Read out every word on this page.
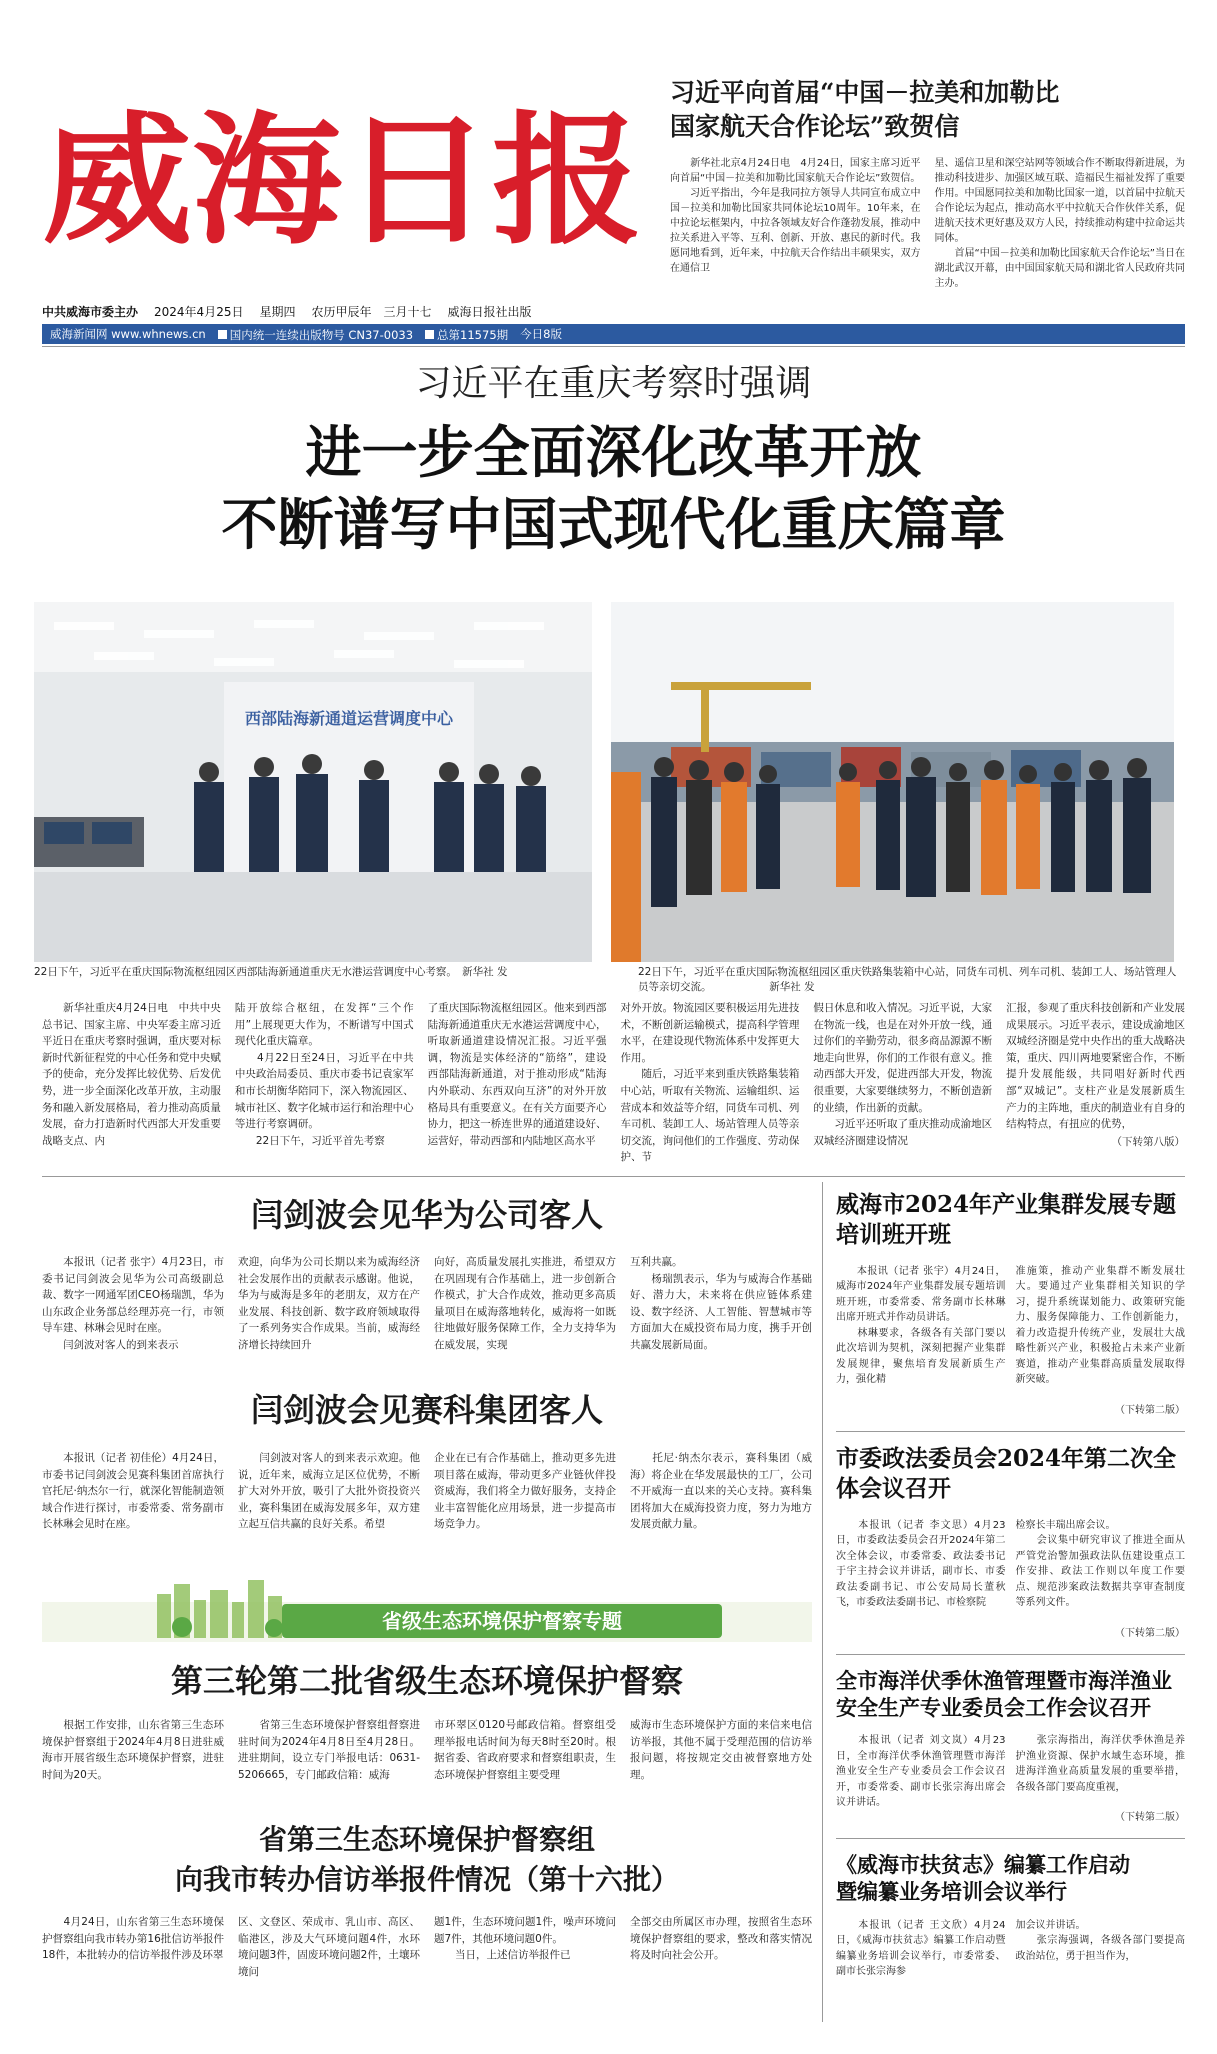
威海日报
中共威海市委主办 2024年4月25日 星期四 农历甲辰年　三月十七 威海日报社出版
威海新闻网 www.whnews.cn	国内统一连续出版物号 CN37-0033	总第11575期 今日8版
习近平向首届“中国－拉美和加勒比
国家航天合作论坛”致贺信
　　新华社北京4月24日电　4月24日，国家主席习近平向首届“中国－拉美和加勒比国家航天合作论坛”致贺信。
　　习近平指出，今年是我同拉方领导人共同宣布成立中国－拉美和加勒比国家共同体论坛10周年。10年来，在中拉论坛框架内，中拉各领域友好合作蓬勃发展，推动中拉关系进入平等、互利、创新、开放、惠民的新时代。我愿同地看到，近年来，中拉航天合作结出丰硕果实，双方在通信卫
星、遥信卫星和深空站网等领域合作不断取得新进展，为推动科技进步、加强区域互联、造福民生福祉发挥了重要作用。中国愿同拉美和加勒比国家一道，以首届中拉航天合作论坛为起点，推动高水平中拉航天合作伙伴关系，促进航天技术更好惠及双方人民，持续推动构建中拉命运共同体。
　　首届“中国－拉美和加勒比国家航天合作论坛”当日在湖北武汉开幕，由中国国家航天局和湖北省人民政府共同主办。
习近平在重庆考察时强调
进一步全面深化改革开放
不断谱写中国式现代化重庆篇章
西部陆海新通道运营调度中心
22日下午，习近平在重庆国际物流枢纽园区西部陆海新通道重庆无水港运营调度中心考察。　新华社 发	22日下午，习近平在重庆国际物流枢纽园区重庆铁路集装箱中心站，同货车司机、列车司机、装卸工人、场站管理人员等亲切交流。　　　　　　新华社 发
　　新华社重庆4月24日电　中共中央总书记、国家主席、中央军委主席习近平近日在重庆考察时强调，重庆要对标新时代新征程党的中心任务和党中央赋予的使命，充分发挥比较优势、后发优势，进一步全面深化改革开放，主动服务和融入新发展格局，着力推动高质量发展，奋力打造新时代西部大开发重要战略支点、内
陆开放综合枢纽，在发挥“三个作用”上展现更大作为，不断谱写中国式现代化重庆篇章。
　　4月22日至24日，习近平在中共中央政治局委员、重庆市委书记袁家军和市长胡衡华陪同下，深入物流园区、城市社区、数字化城市运行和治理中心等进行考察调研。
　　22日下午，习近平首先考察
了重庆国际物流枢纽园区。他来到西部陆海新通道重庆无水港运营调度中心，听取新通道建设情况汇报。习近平强调，物流是实体经济的“筋络”，建设西部陆海新通道，对于推动形成“陆海内外联动、东西双向互济”的对外开放格局具有重要意义。在有关方面要齐心协力，把这一桥连世界的通道建设好、运营好，带动西部和内陆地区高水平
对外开放。物流园区要积极运用先进技术，不断创新运输模式，提高科学管理水平，在建设现代物流体系中发挥更大作用。
　　随后，习近平来到重庆铁路集装箱中心站，听取有关物流、运输组织、运营成本和效益等介绍，同货车司机、列车司机、装卸工人、场站管理人员等亲切交流，询问他们的工作强度、劳动保护、节
假日休息和收入情况。习近平说，大家在物流一线，也是在对外开放一线，通过你们的辛勤劳动，很多商品源源不断地走向世界，你们的工作很有意义。推动西部大开发，促进西部大开发，物流很重要，大家要继续努力，不断创造新的业绩，作出新的贡献。
　　习近平还听取了重庆推动成渝地区双城经济圈建设情况
汇报，参观了重庆科技创新和产业发展成果展示。习近平表示，建设成渝地区双城经济圈是党中央作出的重大战略决策，重庆、四川两地要紧密合作，不断提升发展能级，共同唱好新时代西部“双城记”。支柱产业是发展新质生产力的主阵地，重庆的制造业有自身的结构特点，有扭应的优势，
（下转第八版）
闫剑波会见华为公司客人
　　本报讯（记者 张宇）4月23日，市委书记闫剑波会见华为公司高级副总裁、数字一网通军团CEO杨瑞凯，华为山东政企业务部总经理苏亮一行，市领导车建、林琳会见时在座。
　　闫剑波对客人的到来表示
欢迎，向华为公司长期以来为威海经济社会发展作出的贡献表示感谢。他说，华为与威海是多年的老朋友，双方在产业发展、科技创新、数字政府领域取得了一系列务实合作成果。当前，威海经济增长持续回升
向好，高质量发展扎实推进，希望双方在巩固现有合作基础上，进一步创新合作模式，扩大合作成效，推动更多高质量项目在威海落地转化，威海将一如既往地做好服务保障工作，全力支持华为在威发展，实现
互利共赢。
　　杨瑞凯表示，华为与威海合作基础好、潜力大，未来将在供应链体系建设、数字经济、人工智能、智慧城市等方面加大在威投资布局力度，携手开创共赢发展新局面。
闫剑波会见赛科集团客人
　　本报讯（记者 初佳伦）4月24日，市委书记闫剑波会见赛科集团首席执行官托尼·纳杰尔一行，就深化智能制造领域合作进行探讨，市委常委、常务副市长林琳会见时在座。
　　闫剑波对客人的到来表示欢迎。他说，近年来，威海立足区位优势，不断扩大对外开放，吸引了大批外资投资兴业，赛科集团在威海发展多年，双方建立起互信共赢的良好关系。希望
企业在已有合作基础上，推动更多先进项目落在威海，带动更多产业链伙伴投资威海，我们将全力做好服务，支持企业丰富智能化应用场景，进一步提高市场竞争力。
　　托尼·纳杰尔表示，赛科集团（威海）将企业在华发展最快的工厂，公司不开威海一直以来的关心支持。赛科集团将加大在威海投资力度，努力为地方发展贡献力量。
省级生态环境保护督察专题
第三轮第二批省级生态环境保护督察
　　根据工作安排，山东省第三生态环境保护督察组于2024年4月8日进驻威海市开展省级生态环境保护督察，进驻时间为20天。
　　省第三生态环境保护督察组督察进驻时间为2024年4月8日至4月28日。进驻期间，设立专门举报电话：0631-5206665，专门邮政信箱：威海
市环翠区0120号邮政信箱。督察组受理举报电话时间为每天8时至20时。根据省委、省政府要求和督察组职责，生态环境保护督察组主要受理
威海市生态环境保护方面的来信来电信访举报，其他不属于受理范围的信访举报问题，将按规定交由被督察地方处理。
省第三生态环境保护督察组
向我市转办信访举报件情况（第十六批）
　　4月24日，山东省第三生态环境保护督察组向我市转办第16批信访举报件18件，本批转办的信访举报件涉及环翠
区、文登区、荣成市、乳山市、高区、临港区，涉及大气环境问题4件，水环境问题3件，固废环境问题2件，土壤环境问
题1件，生态环境问题1件，噪声环境问题7件，其他环境问题0件。
　　当日，上述信访举报件已
全部交由所属区市办理，按照省生态环境保护督察组的要求，整改和落实情况将及时向社会公开。
威海市2024年产业集群发展专题培训班开班
　　本报讯（记者 张宇）4月24日，威海市2024年产业集群发展专题培训班开班，市委常委、常务副市长林琳出席开班式并作动员讲话。
　　林琳要求，各级各有关部门要以此次培训为契机，深刻把握产业集群发展规律，聚焦培育发展新质生产力，强化精
准施策，推动产业集群不断发展壮大。要通过产业集群相关知识的学习，提升系统谋划能力、政策研究能力、服务保障能力、工作创新能力，着力改造提升传统产业，发展壮大战略性新兴产业，积极抢占未来产业新赛道，推动产业集群高质量发展取得新突破。
（下转第二版）
市委政法委员会2024年第二次全体会议召开
　　本报讯（记者 李文思）4月23日，市委政法委员会召开2024年第二次全体会议，市委常委、政法委书记于宇主持会议并讲话，副市长、市委政法委副书记、市公安局局长董秋飞，市委政法委副书记、市检察院
检察长丰瑞出席会议。
　　会议集中研究审议了推进全面从严管党治警加强政法队伍建设重点工作安排、政法工作则以年度工作要点、规范涉案政法数据共享审查制度等系列文件。
（下转第二版）
全市海洋伏季休渔管理暨市海洋渔业安全生产专业委员会工作会议召开
　　本报讯（记者 刘文岚）4月23日，全市海洋伏季休渔管理暨市海洋渔业安全生产专业委员会工作会议召开，市委常委、副市长张宗海出席会议并讲话。
　　张宗海指出，海洋伏季休渔是养护渔业资源、保护水域生态环境，推进海洋渔业高质量发展的重要举措，各级各部门要高度重视，
（下转第二版）
《威海市扶贫志》编纂工作启动
暨编纂业务培训会议举行
　　本报讯（记者 王文欣）4月24日，《威海市扶贫志》编纂工作启动暨编纂业务培训会议举行，市委常委、副市长张宗海参
加会议并讲话。
　　张宗海强调，各级各部门要提高政治站位，勇于担当作为，
